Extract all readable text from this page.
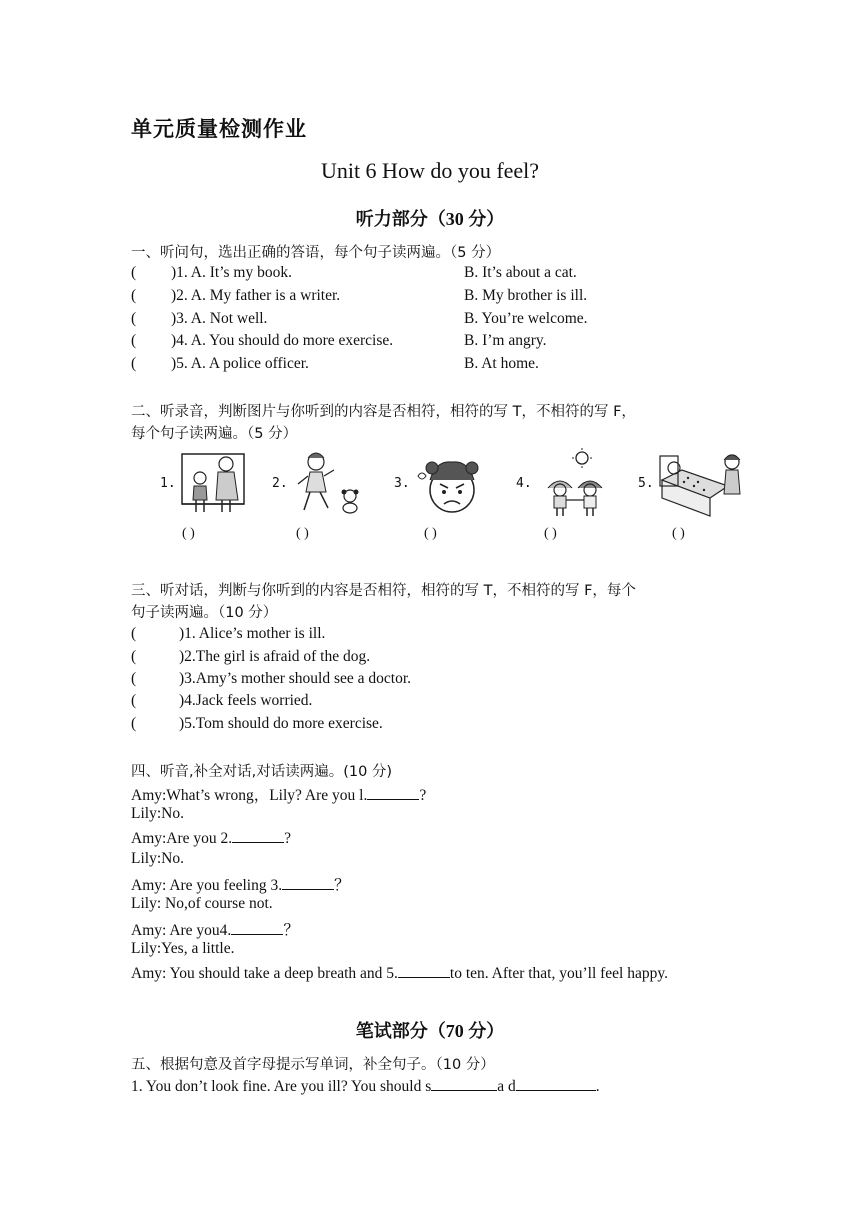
单元质量检测作业
Unit 6 How do you feel?
听力部分（30 分）
一、听问句，选出正确的答语，每个句子读两遍。（5 分）
( )1. A. It’s my book.	B. It’s about a cat.
( )2. A. My father is a writer.	B. My brother is ill.
( )3. A. Not well.	B. You’re welcome.
( )4. A. You should do more exercise.	B. I’m angry.
( )5. A. A police officer.	B. At home.
二、听录音，判断图片与你听到的内容是否相符，相符的写 T，不相符的写 F，
每个句子读两遍。（5 分）
1.
( )
2.
( )
3.
( )
4.
( )
5.
( )
三、听对话，判断与你听到的内容是否相符，相符的写 T，不相符的写 F，每个
句子读两遍。（10 分）
(	)1. Alice’s mother is ill.
(	)2.The girl is afraid of the dog.
(	)3.Amy’s mother should see a doctor.
(	)4.Jack feels worried.
(	)5.Tom should do more exercise.
四、听音,补全对话,对话读两遍。(10 分)
Amy:What’s wrong，Lily? Are you l.	?
Lily:No.
Amy:Are you 2.	?
Lily:No.
Amy: Are you feeling 3.	？
Lily: No,of course not.
Amy: Are you4.	？
Lily:Yes, a little.
Amy: You should take a deep breath and 5.	to ten. After that, you’ll feel happy.
笔试部分（70 分）
五、根据句意及首字母提示写单词，补全句子。（10 分）
1. You don’t look fine. Are you ill? You should s	a d	.
